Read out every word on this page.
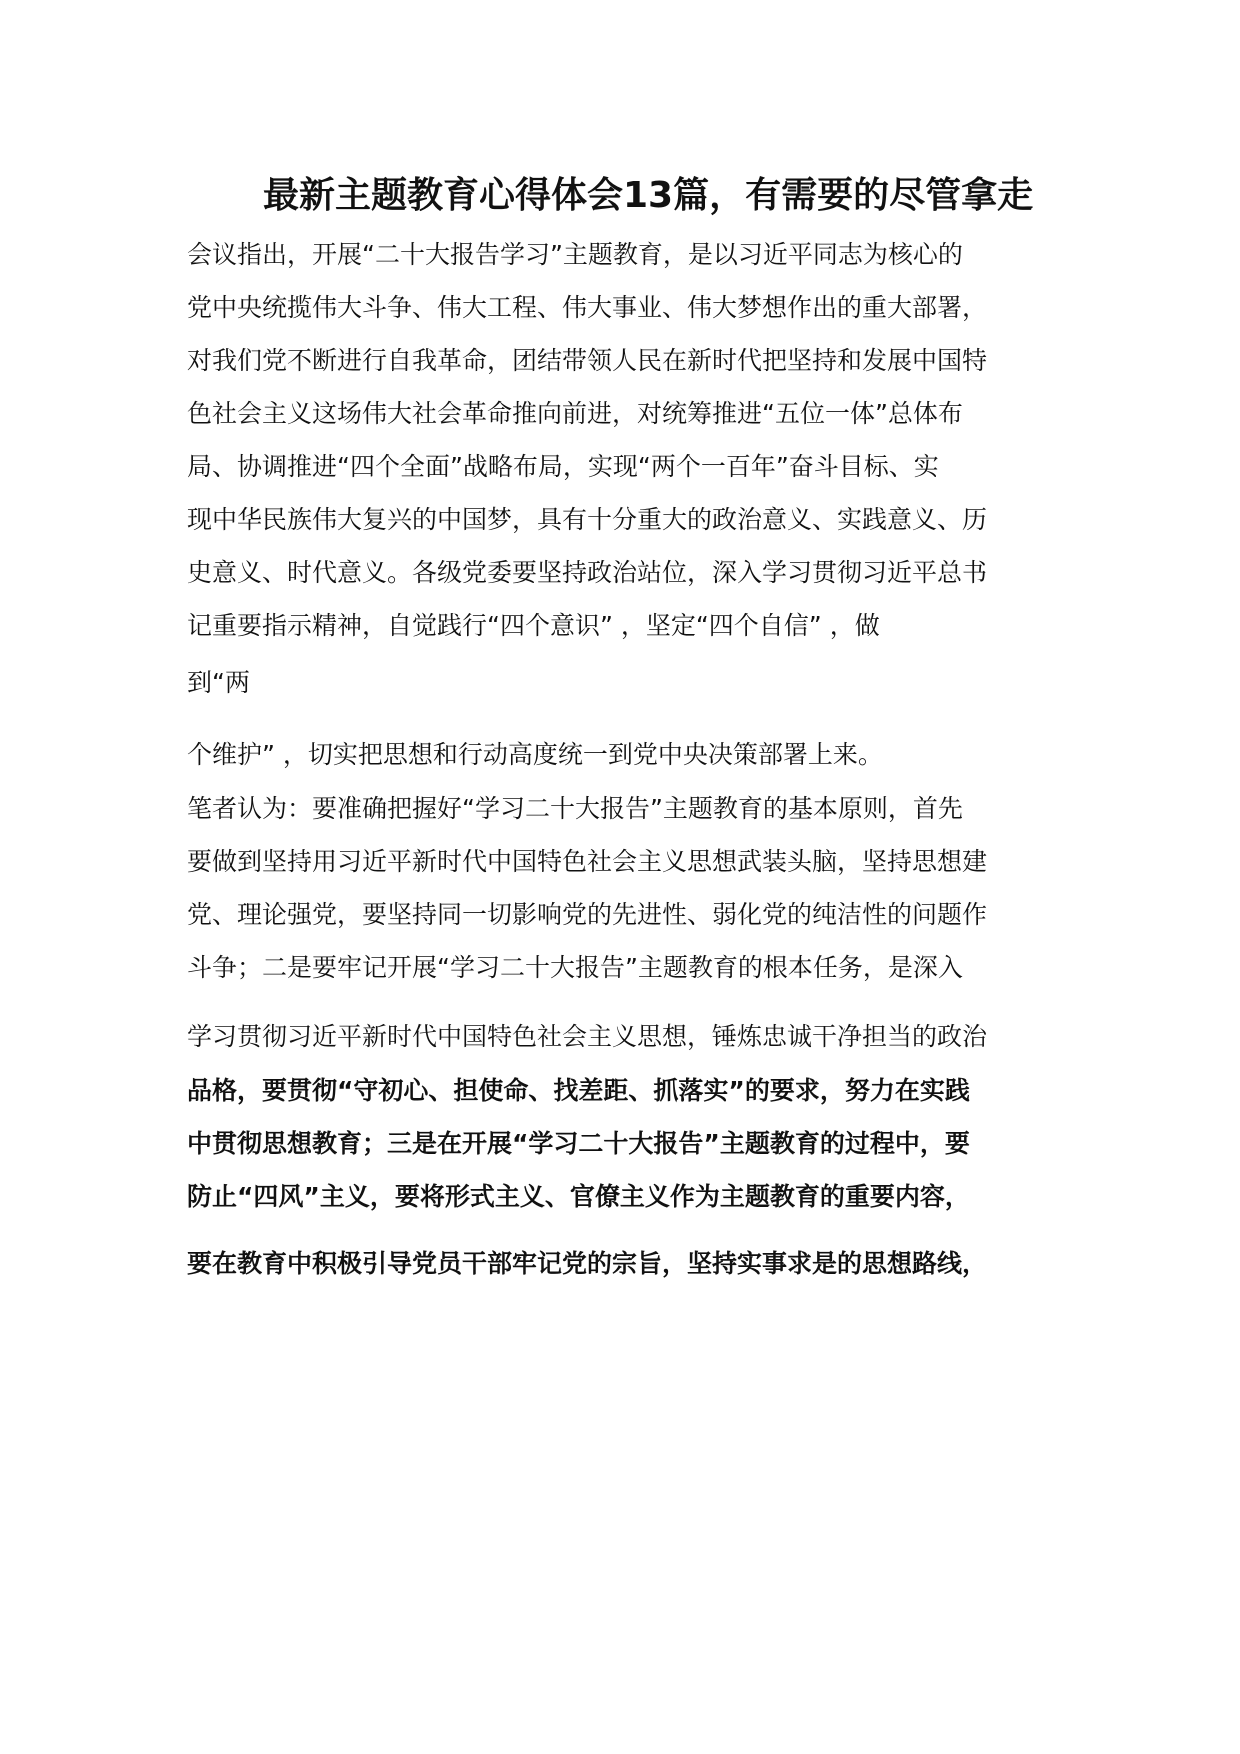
最新主题教育心得体会13篇，有需要的尽管拿走
会议指出，开展“二十大报告学习”主题教育，是以习近平同志为核心的
党中央统揽伟大斗争、伟大工程、伟大事业、伟大梦想作出的重大部署，
对我们党不断进行自我革命，团结带领人民在新时代把坚持和发展中国特
色社会主义这场伟大社会革命推向前进，对统筹推进“五位一体”总体布
局、协调推进“四个全面”战略布局，实现“两个一百年”奋斗目标、实
现中华民族伟大复兴的中国梦，具有十分重大的政治意义、实践意义、历
史意义、时代意义。各级党委要坚持政治站位，深入学习贯彻习近平总书
记重要指示精神，自觉践行“四个意识” ，坚定“四个自信” ，做
到“两
个维护” ，切实把思想和行动高度统一到党中央决策部署上来。
笔者认为：要准确把握好“学习二十大报告”主题教育的基本原则，首先
要做到坚持用习近平新时代中国特色社会主义思想武装头脑，坚持思想建
党、理论强党，要坚持同一切影响党的先进性、弱化党的纯洁性的问题作
斗争；二是要牢记开展“学习二十大报告”主题教育的根本任务，是深入
学习贯彻习近平新时代中国特色社会主义思想，锤炼忠诚干净担当的政治
品格，要贯彻“守初心、担使命、找差距、抓落实”的要求，努力在实践
中贯彻思想教育；三是在开展“学习二十大报告”主题教育的过程中，要
防止“四风”主义，要将形式主义、官僚主义作为主题教育的重要内容，
要在教育中积极引导党员干部牢记党的宗旨，坚持实事求是的思想路线，
